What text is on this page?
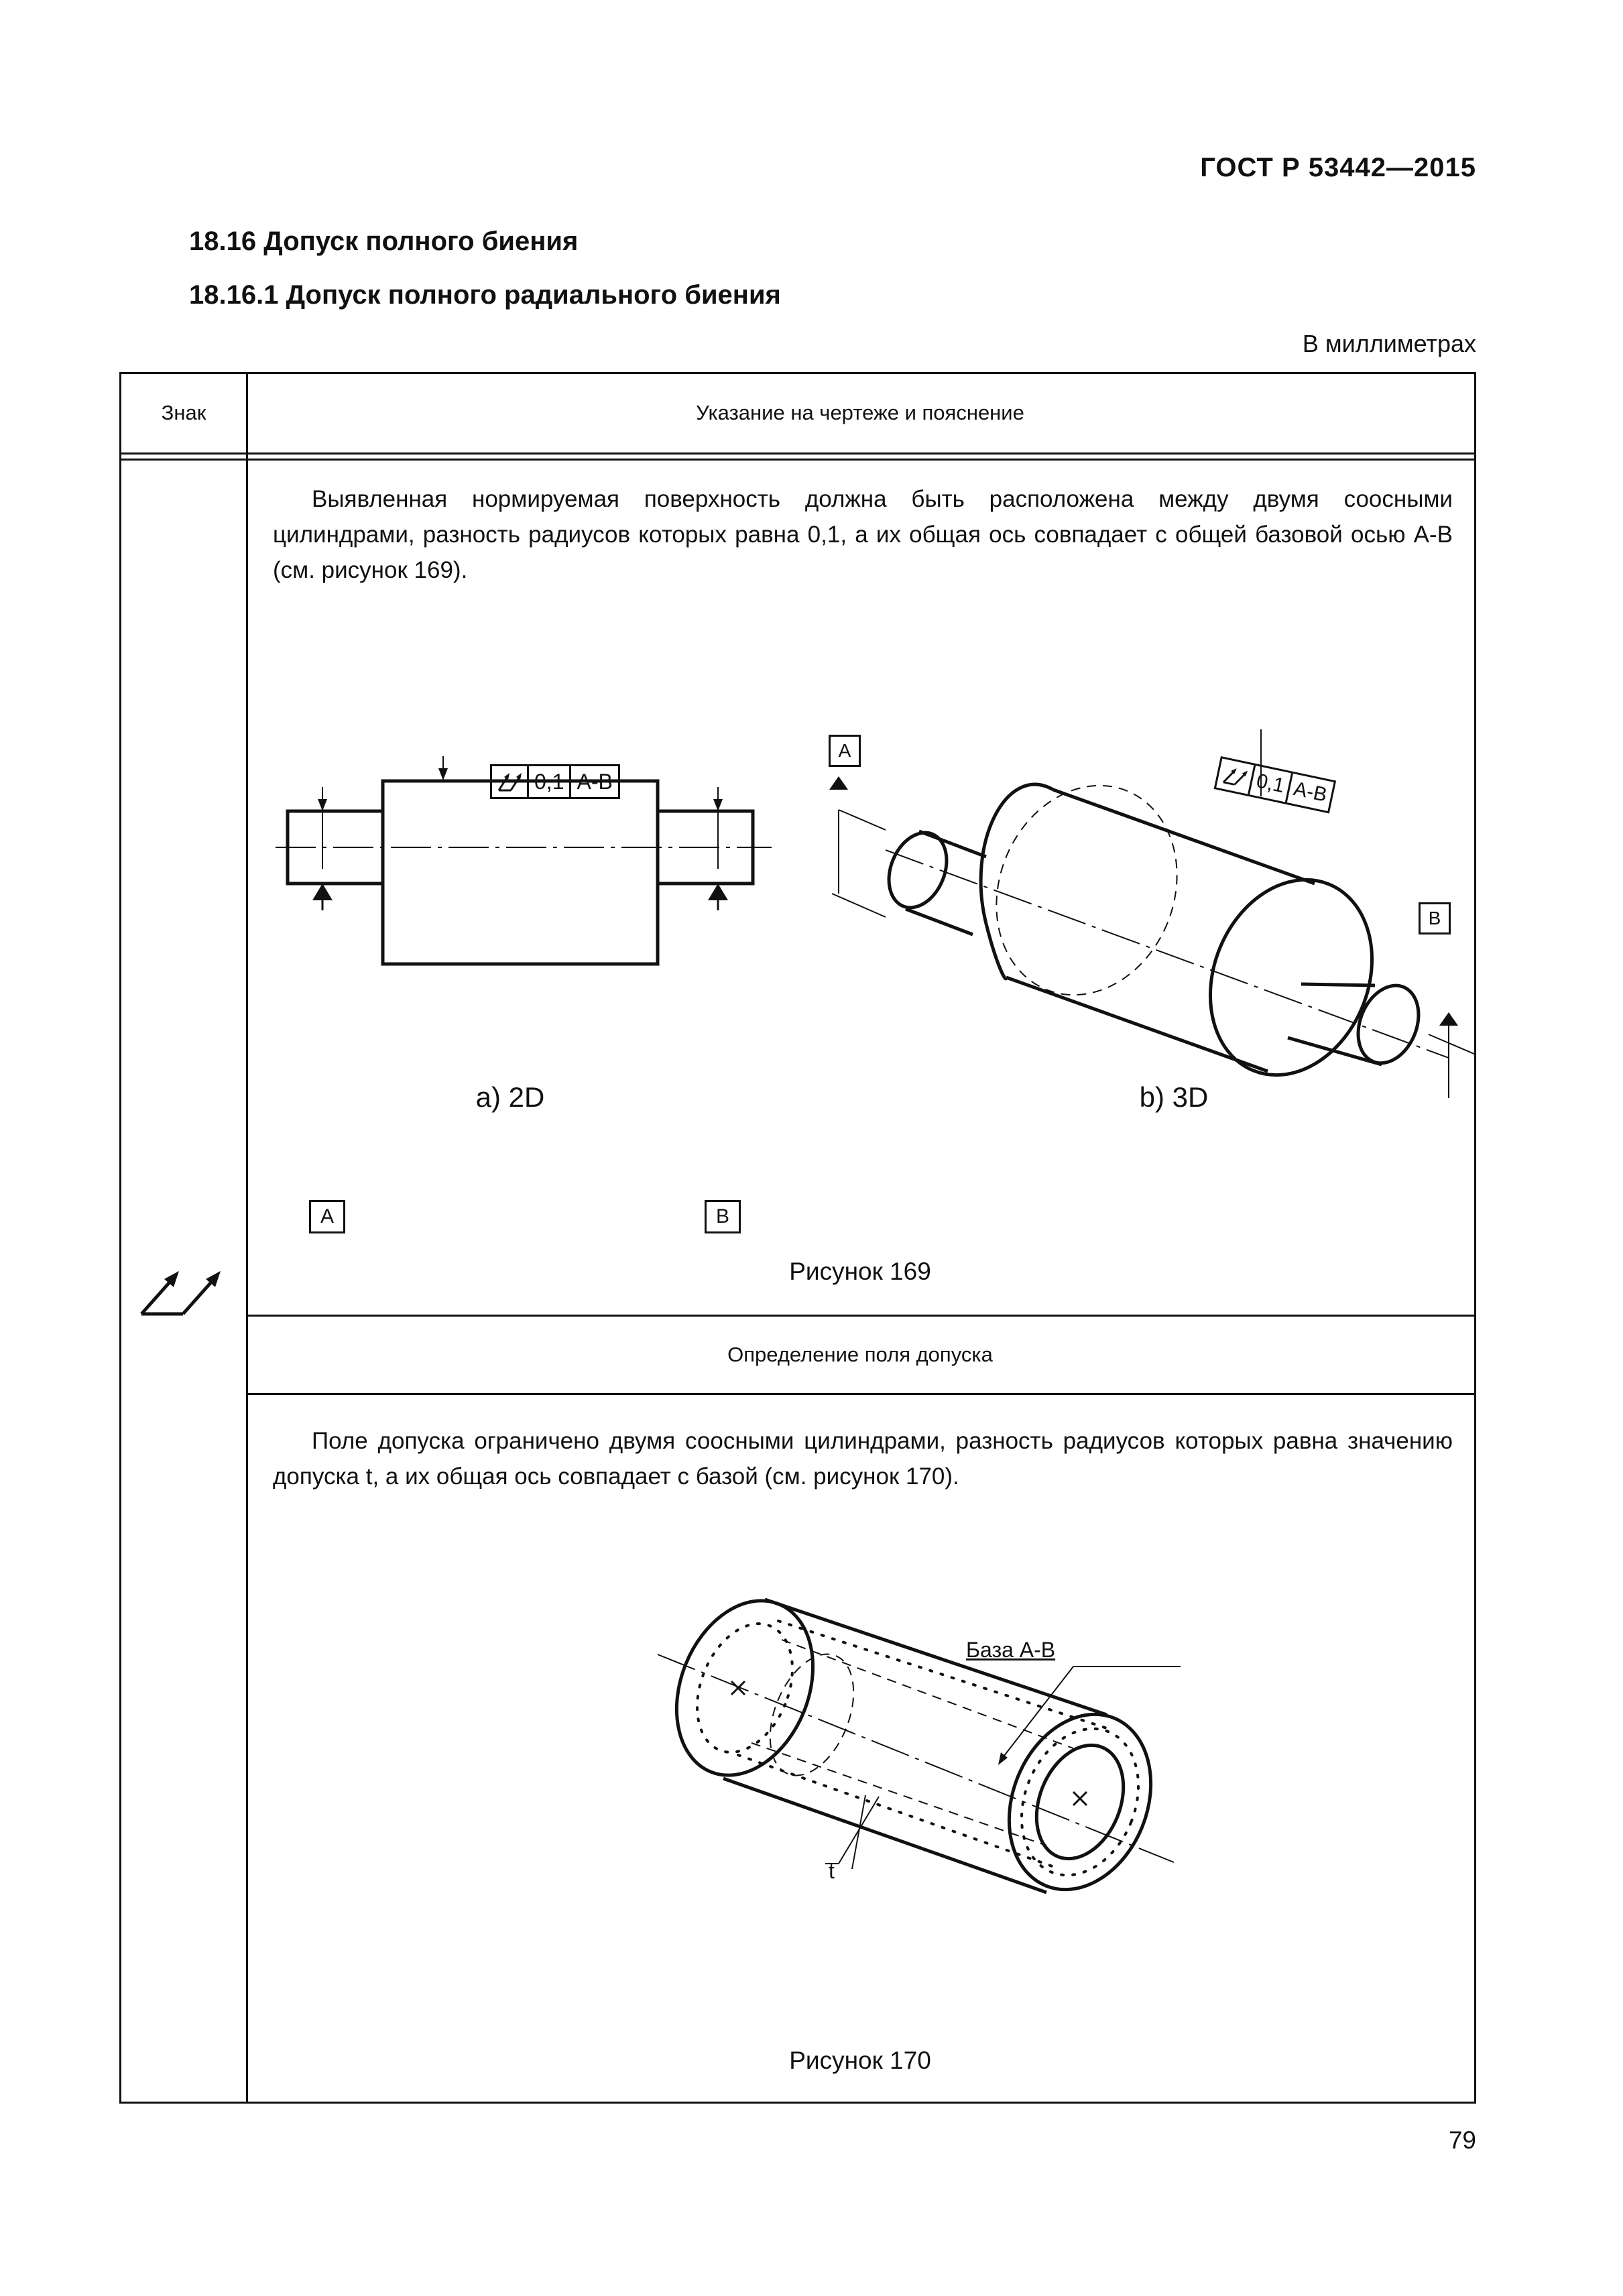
ГОСТ Р 53442—2015
18.16 Допуск полного биения
18.16.1 Допуск полного радиального биения
В миллиметрах
Знак	Указание на чертеже и пояснение
Выявленная нормируемая поверхность должна быть расположена между двумя соосными цилиндрами, разность радиусов которых равна 0,1, а их общая ось совпадает с общей базовой осью А-В (см. рисунок 169).
0,1 A-B
A	B
a) 2D
A
B
0,1 A-B
b) 3D
Рисунок 169
Определение поля допуска
Поле допуска ограничено двумя соосными цилиндрами, разность радиусов которых равна значению допуска t, а их общая ось совпадает с базой (см. рисунок 170).
База А-В
t
Рисунок 170
79
